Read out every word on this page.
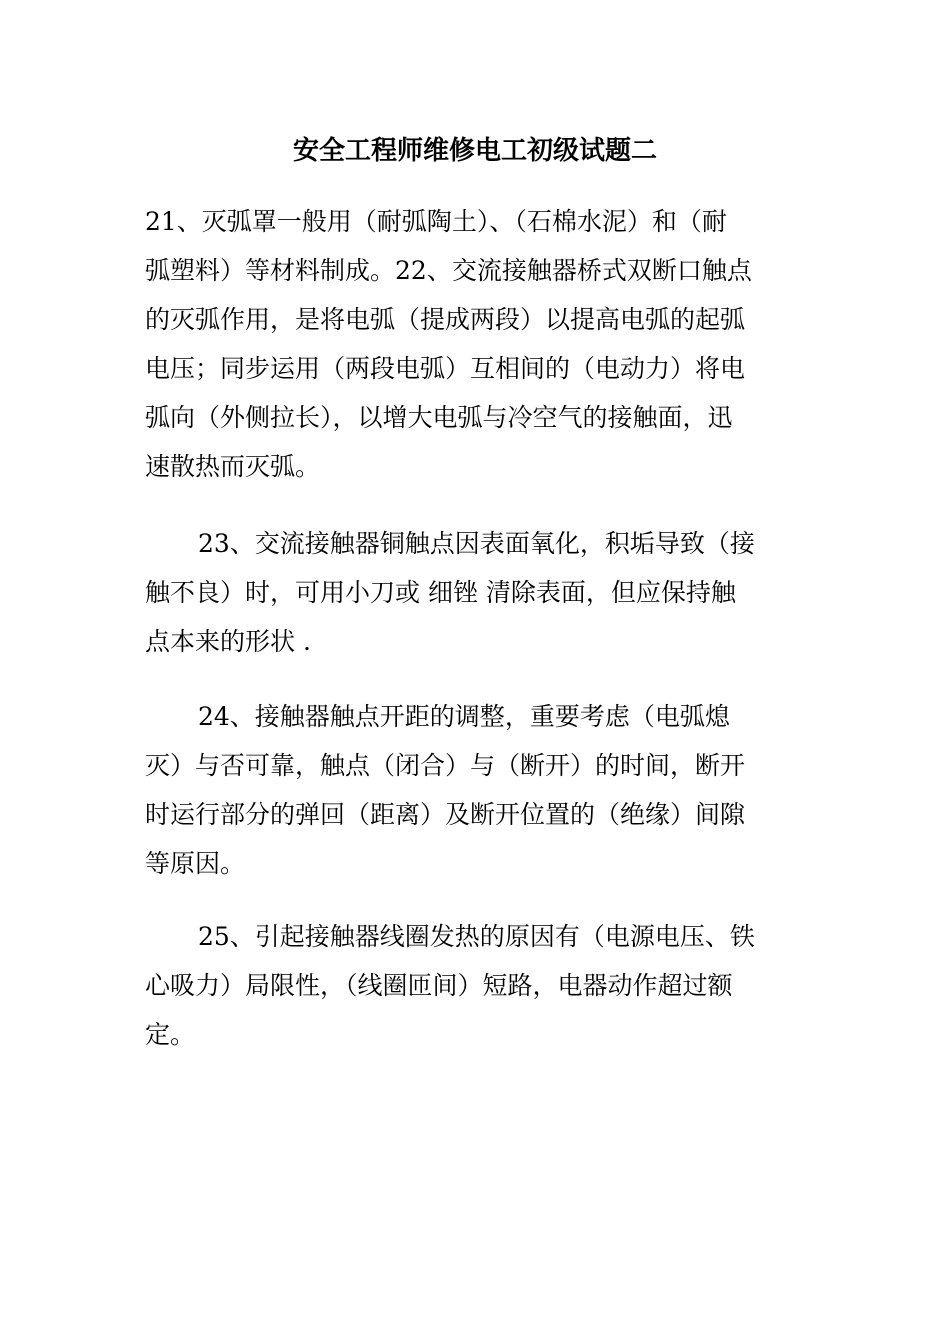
安全工程师维修电工初级试题二
21、灭弧罩一般用（耐弧陶土）、（石棉水泥）和（耐
弧塑料）等材料制成。22、交流接触器桥式双断口触点
的灭弧作用，是将电弧（提成两段）以提高电弧的起弧
电压；同步运用（两段电弧）互相间的（电动力）将电
弧向（外侧拉长），以增大电弧与冷空气的接触面，迅
速散热而灭弧。
23、交流接触器铜触点因表面氧化，积垢导致（接
触不良）时，可用小刀或 细锉 清除表面，但应保持触
点本来的形状 .
24、接触器触点开距的调整，重要考虑（电弧熄
灭）与否可靠，触点（闭合）与（断开）的时间，断开
时运行部分的弹回（距离）及断开位置的（绝缘）间隙
等原因。
25、引起接触器线圈发热的原因有（电源电压、铁
心吸力）局限性，（线圈匝间）短路，电器动作超过额
定。
